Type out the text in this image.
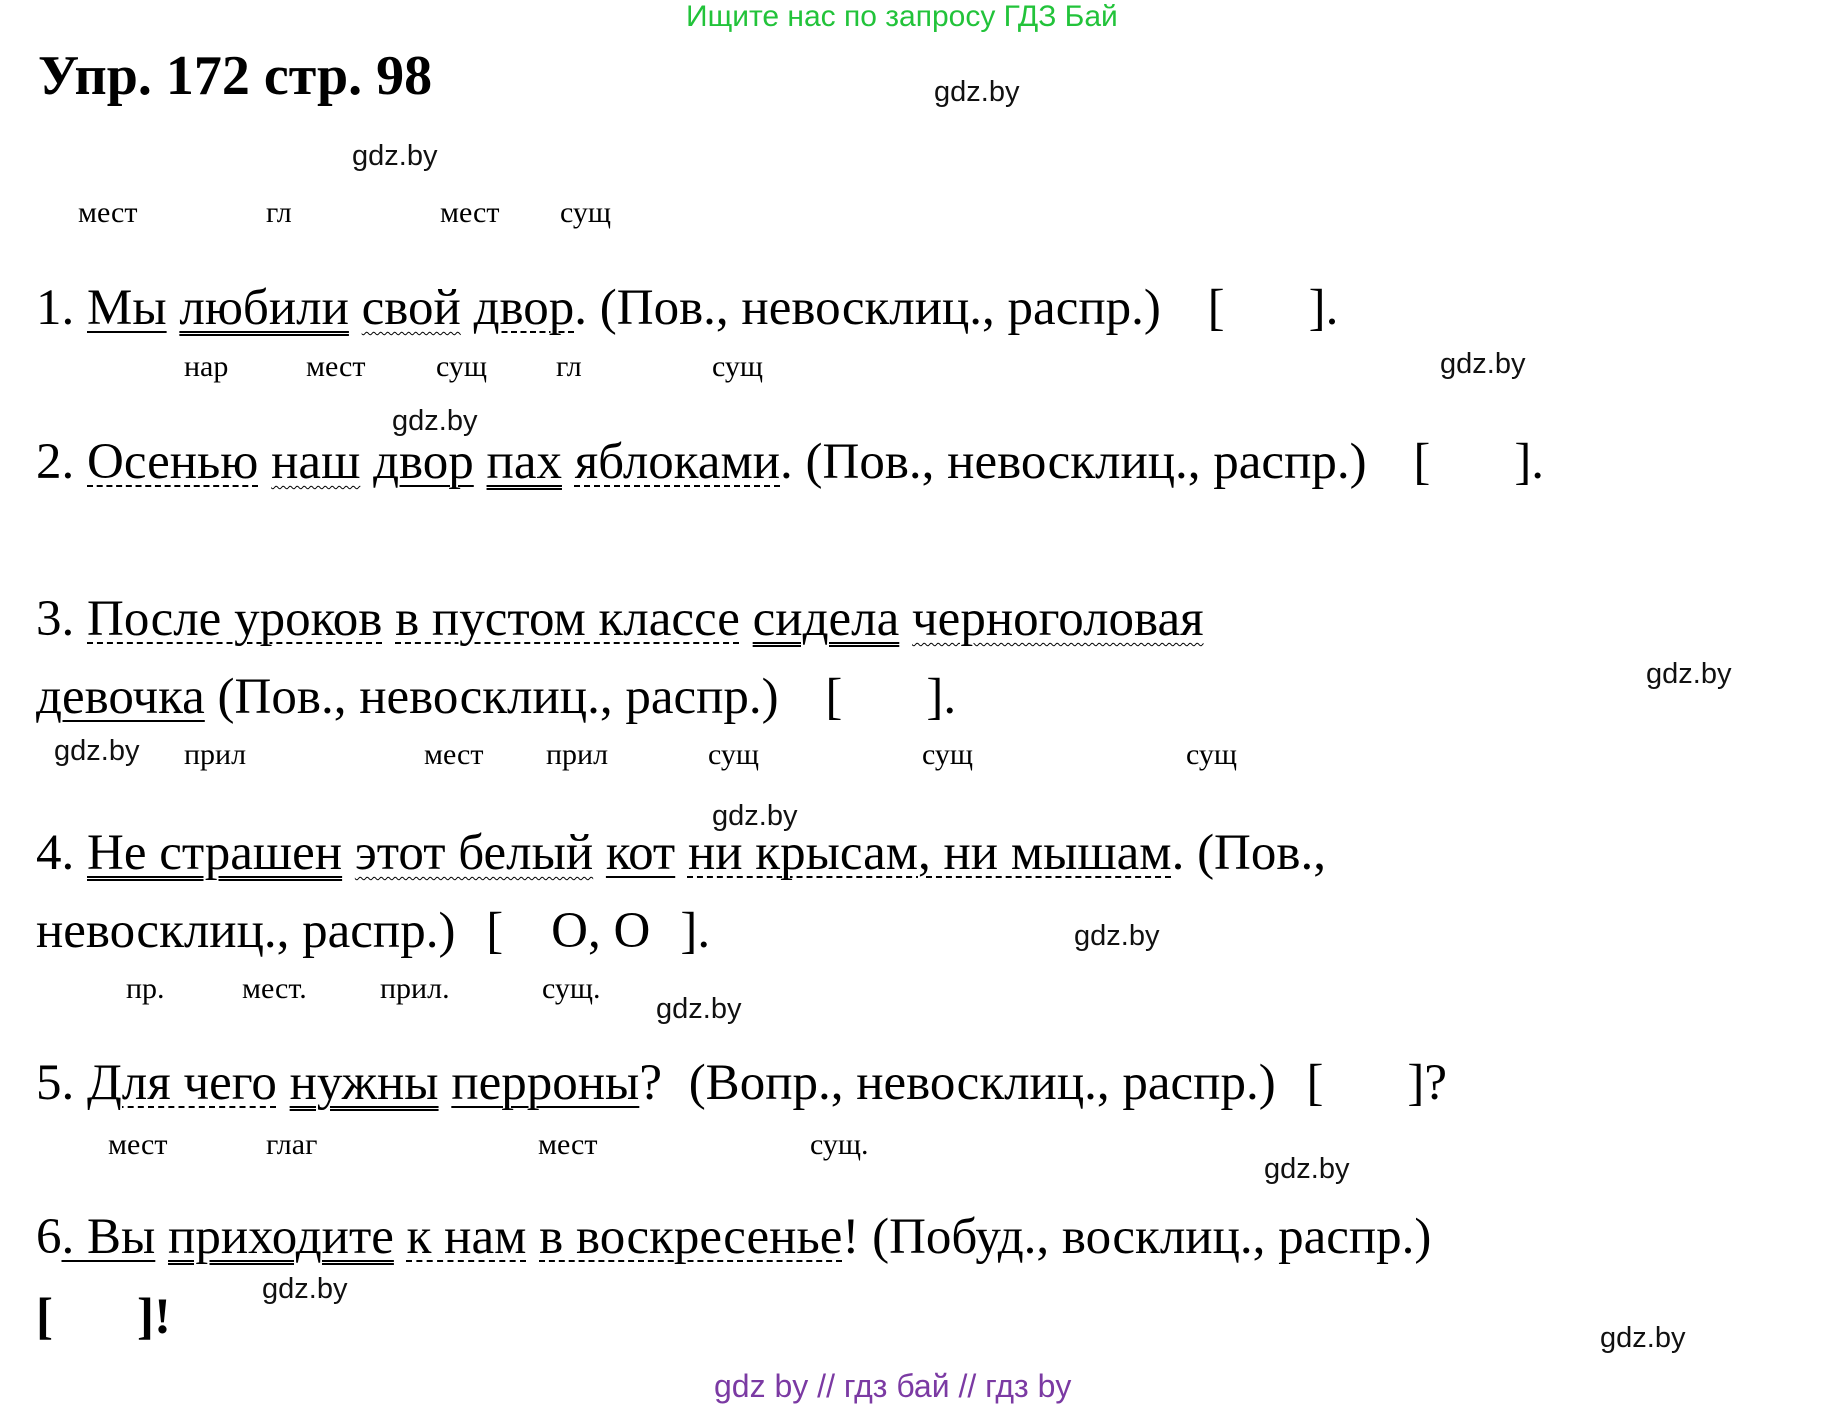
Ищите нас по запросу ГДЗ Бай
Упр. 172 стр. 98	gdz.by
gdz.by
gdz.by
gdz.by
gdz.by
gdz.by
gdz.by
gdz.by
gdz.by
gdz.by
gdz.by
gdz.by
мест	гл	мест сущ
нар	мест сущ гл	сущ
прил	мест прил	сущ	сущ	сущ
пр.	мест. прил.	сущ.
мест	глаг	мест	сущ.
1. Мы любили свой двор. (Пов., невосклиц., распр.) [ ].
2. Осенью наш двор пах яблоками. (Пов., невосклиц., распр.) [ ].
3. После уроков в пустом классе сидела черноголовая
девочка (Пов., невосклиц., распр.) [ ].
4. Не страшен этот белый кот ни крысам, ни мышам. (Пов.,
невосклиц., распр.) [ О, О ].
5. Для чего нужны перроны? (Вопр., невосклиц., распр.) [ ]?
6. Вы приходите к нам в воскресенье! (Побуд., восклиц., распр.)
[ ]!
gdz by // гдз бай // гдз by
